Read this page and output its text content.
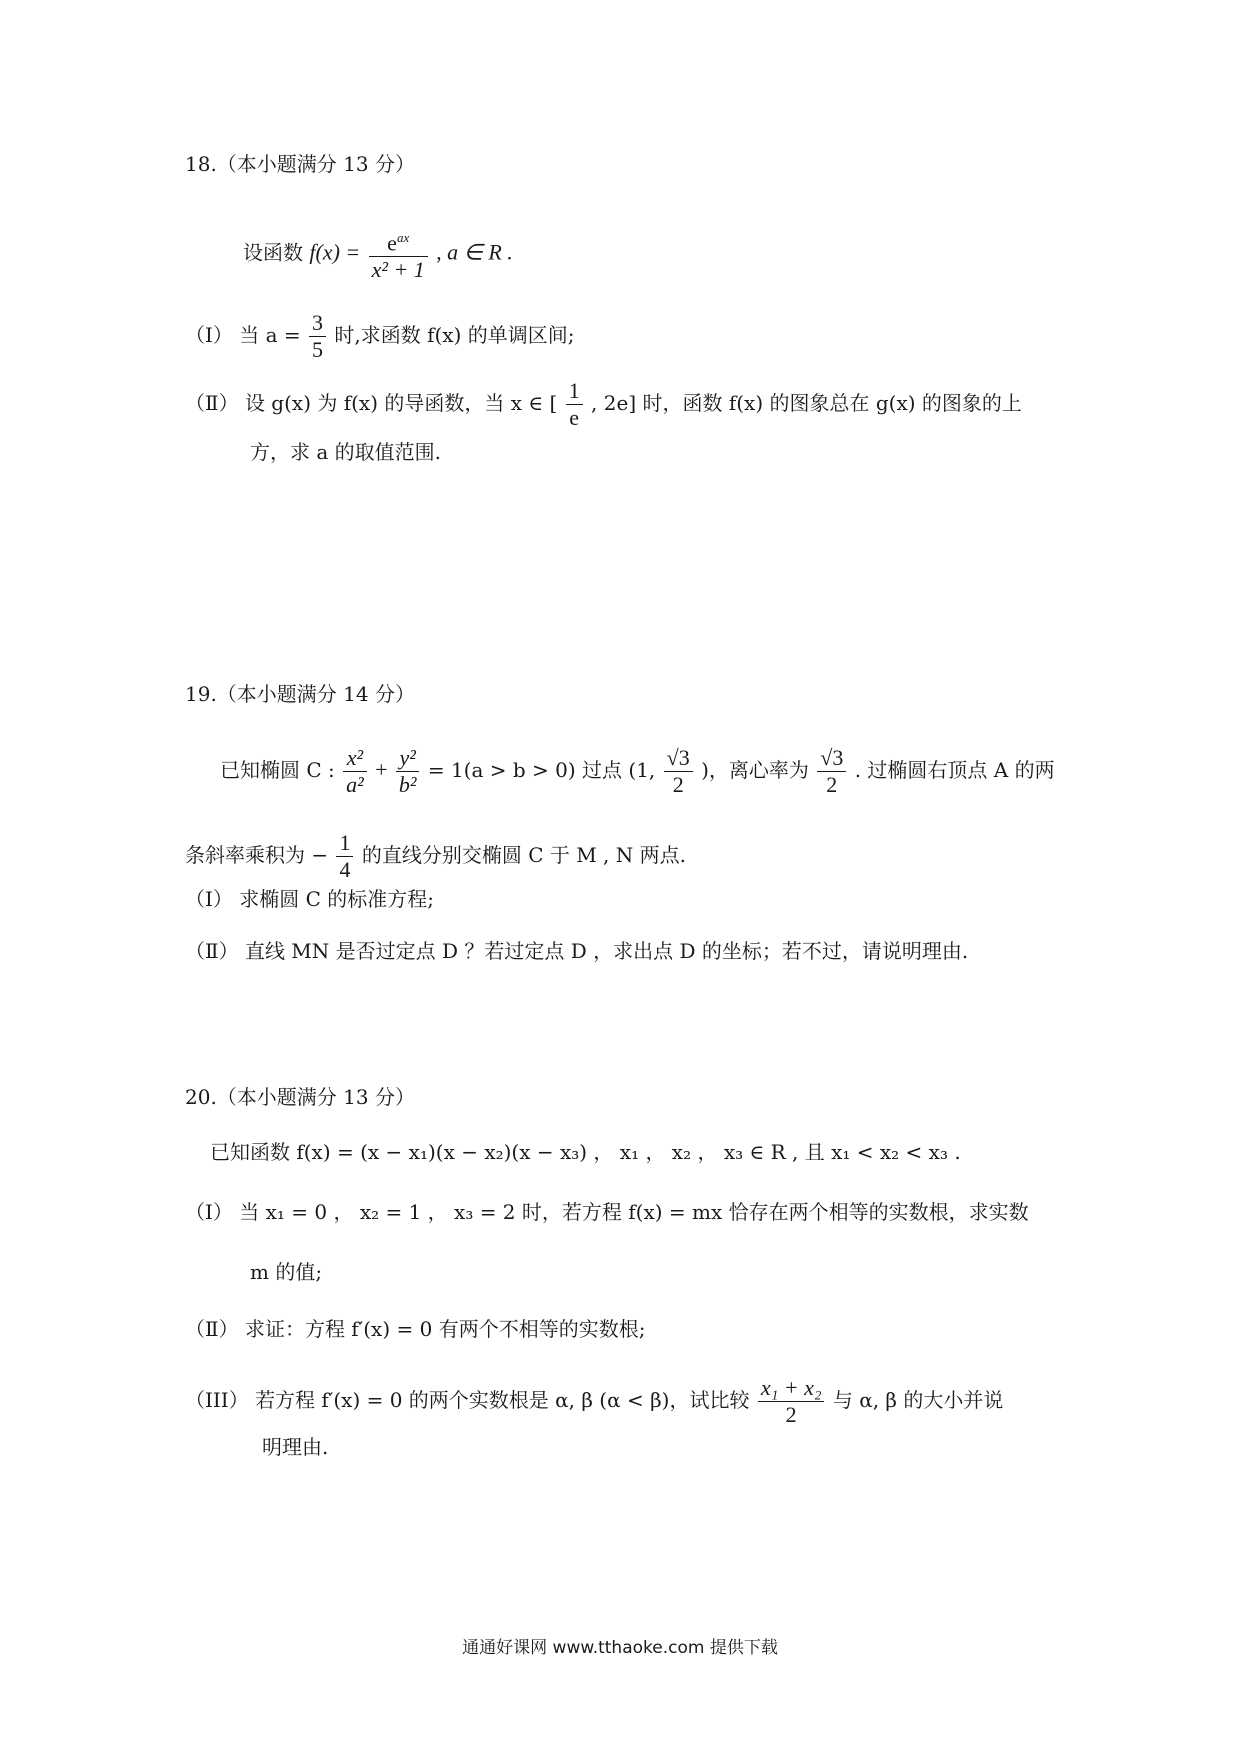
18.（本小题满分 13 分）
设函数 $f(x) = \frac{e^{ax}}{\text{x² + 1}}$ , a ∈ R .
（Ⅰ） 当 $a = \frac{3}{5}$ 时,求函数 f(x) 的单调区间;
（Ⅱ） 设 g(x) 为 f(x) 的导函数，当 x ∈ [ $\frac{1}{e}$ , 2e] 时，函数 f(x) 的图象总在 g(x) 的图象的上
方，求 a 的取值范围.
19.（本小题满分 14 分）
已知椭圆 C : $\frac{\text{x²}}{\text{a²}} + \frac{\text{y²}}{\text{b²}} = 1(a > b > 0)$ 过点 (1, $\frac{√3}{2}$ )，离心率为 $\frac{√3}{2}$ . 过椭圆右顶点 A 的两
条斜率乘积为 − $\frac{1}{4}$ 的直线分别交椭圆 C 于 M , N 两点.
（Ⅰ） 求椭圆 C 的标准方程;
（Ⅱ） 直线 MN 是否过定点 D ？若过定点 D ，求出点 D 的坐标；若不过，请说明理由.
20.（本小题满分 13 分）
已知函数 f(x) = (x − x₁)(x − x₂)(x − x₃) ， x₁ ， x₂ ， x₃ ∈ R , 且 x₁ < x₂ < x₃ .
（Ⅰ） 当 x₁ = 0 ， x₂ = 1 ， x₃ = 2 时，若方程 f(x) = mx 恰存在两个相等的实数根，求实数
m 的值;
（Ⅱ） 求证：方程 f′(x) = 0 有两个不相等的实数根;
（III） 若方程 f′(x) = 0 的两个实数根是 α, β (α < β)，试比较 $\frac{\text{x₁ + x₂}}{2}$ 与 α, β 的大小并说
明理由.
通通好课网 www.tthaoke.com 提供下载
